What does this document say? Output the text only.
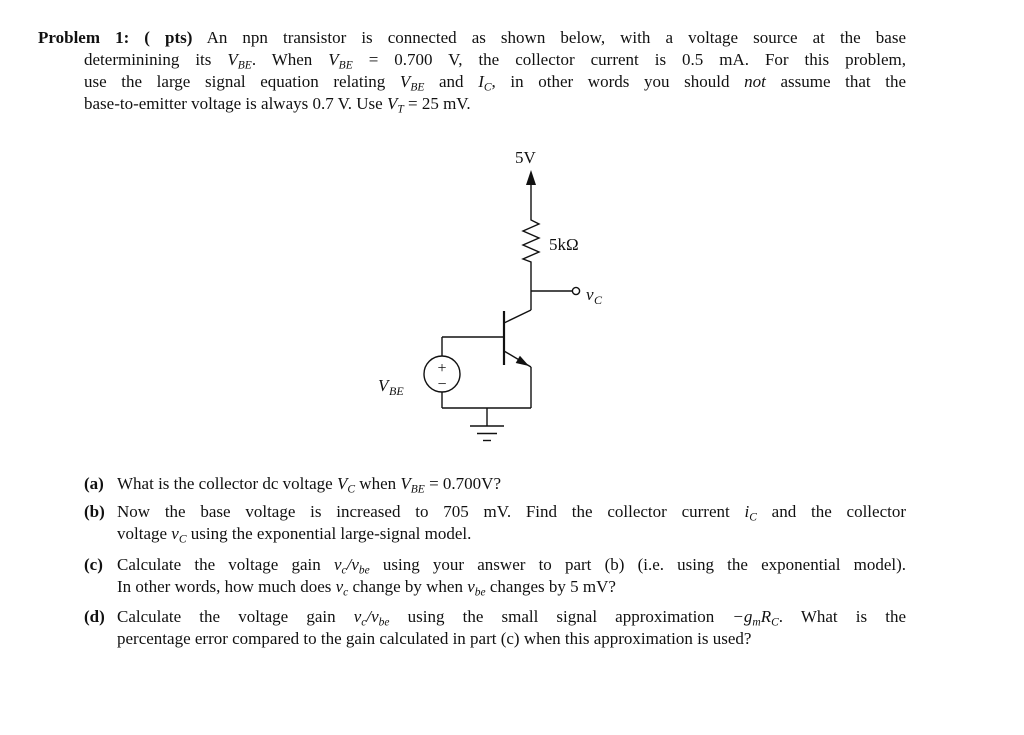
Problem 1: ( pts) An npn transistor is connected as shown below, with a voltage source at the base
determinining its $V_{BE}$. When $V_{BE} = 0.700$ V, the collector current is 0.5 mA. For this problem,
use the large signal equation relating $V_{BE}$ and $I_C$, in other words you should not assume that the
base-to-emitter voltage is always 0.7 V. Use $V_T = 25$ mV.
5V
5kΩ
v C
+
−
V BE
(a) What is the collector dc voltage $V_C$ when $V_{BE} = 0.700V$?
(b) Now the base voltage is increased to 705 mV. Find the collector current $i_C$ and the collector
voltage $v_C$ using the exponential large-signal model.
(c) Calculate the voltage gain $v_c/v_{be}$ using your answer to part (b) (i.e. using the exponential model).
In other words, how much does $v_c$ change by when $v_{be}$ changes by 5 mV?
(d) Calculate the voltage gain $v_c/v_{be}$ using the small signal approximation $-g_mR_C$. What is the
percentage error compared to the gain calculated in part (c) when this approximation is used?
